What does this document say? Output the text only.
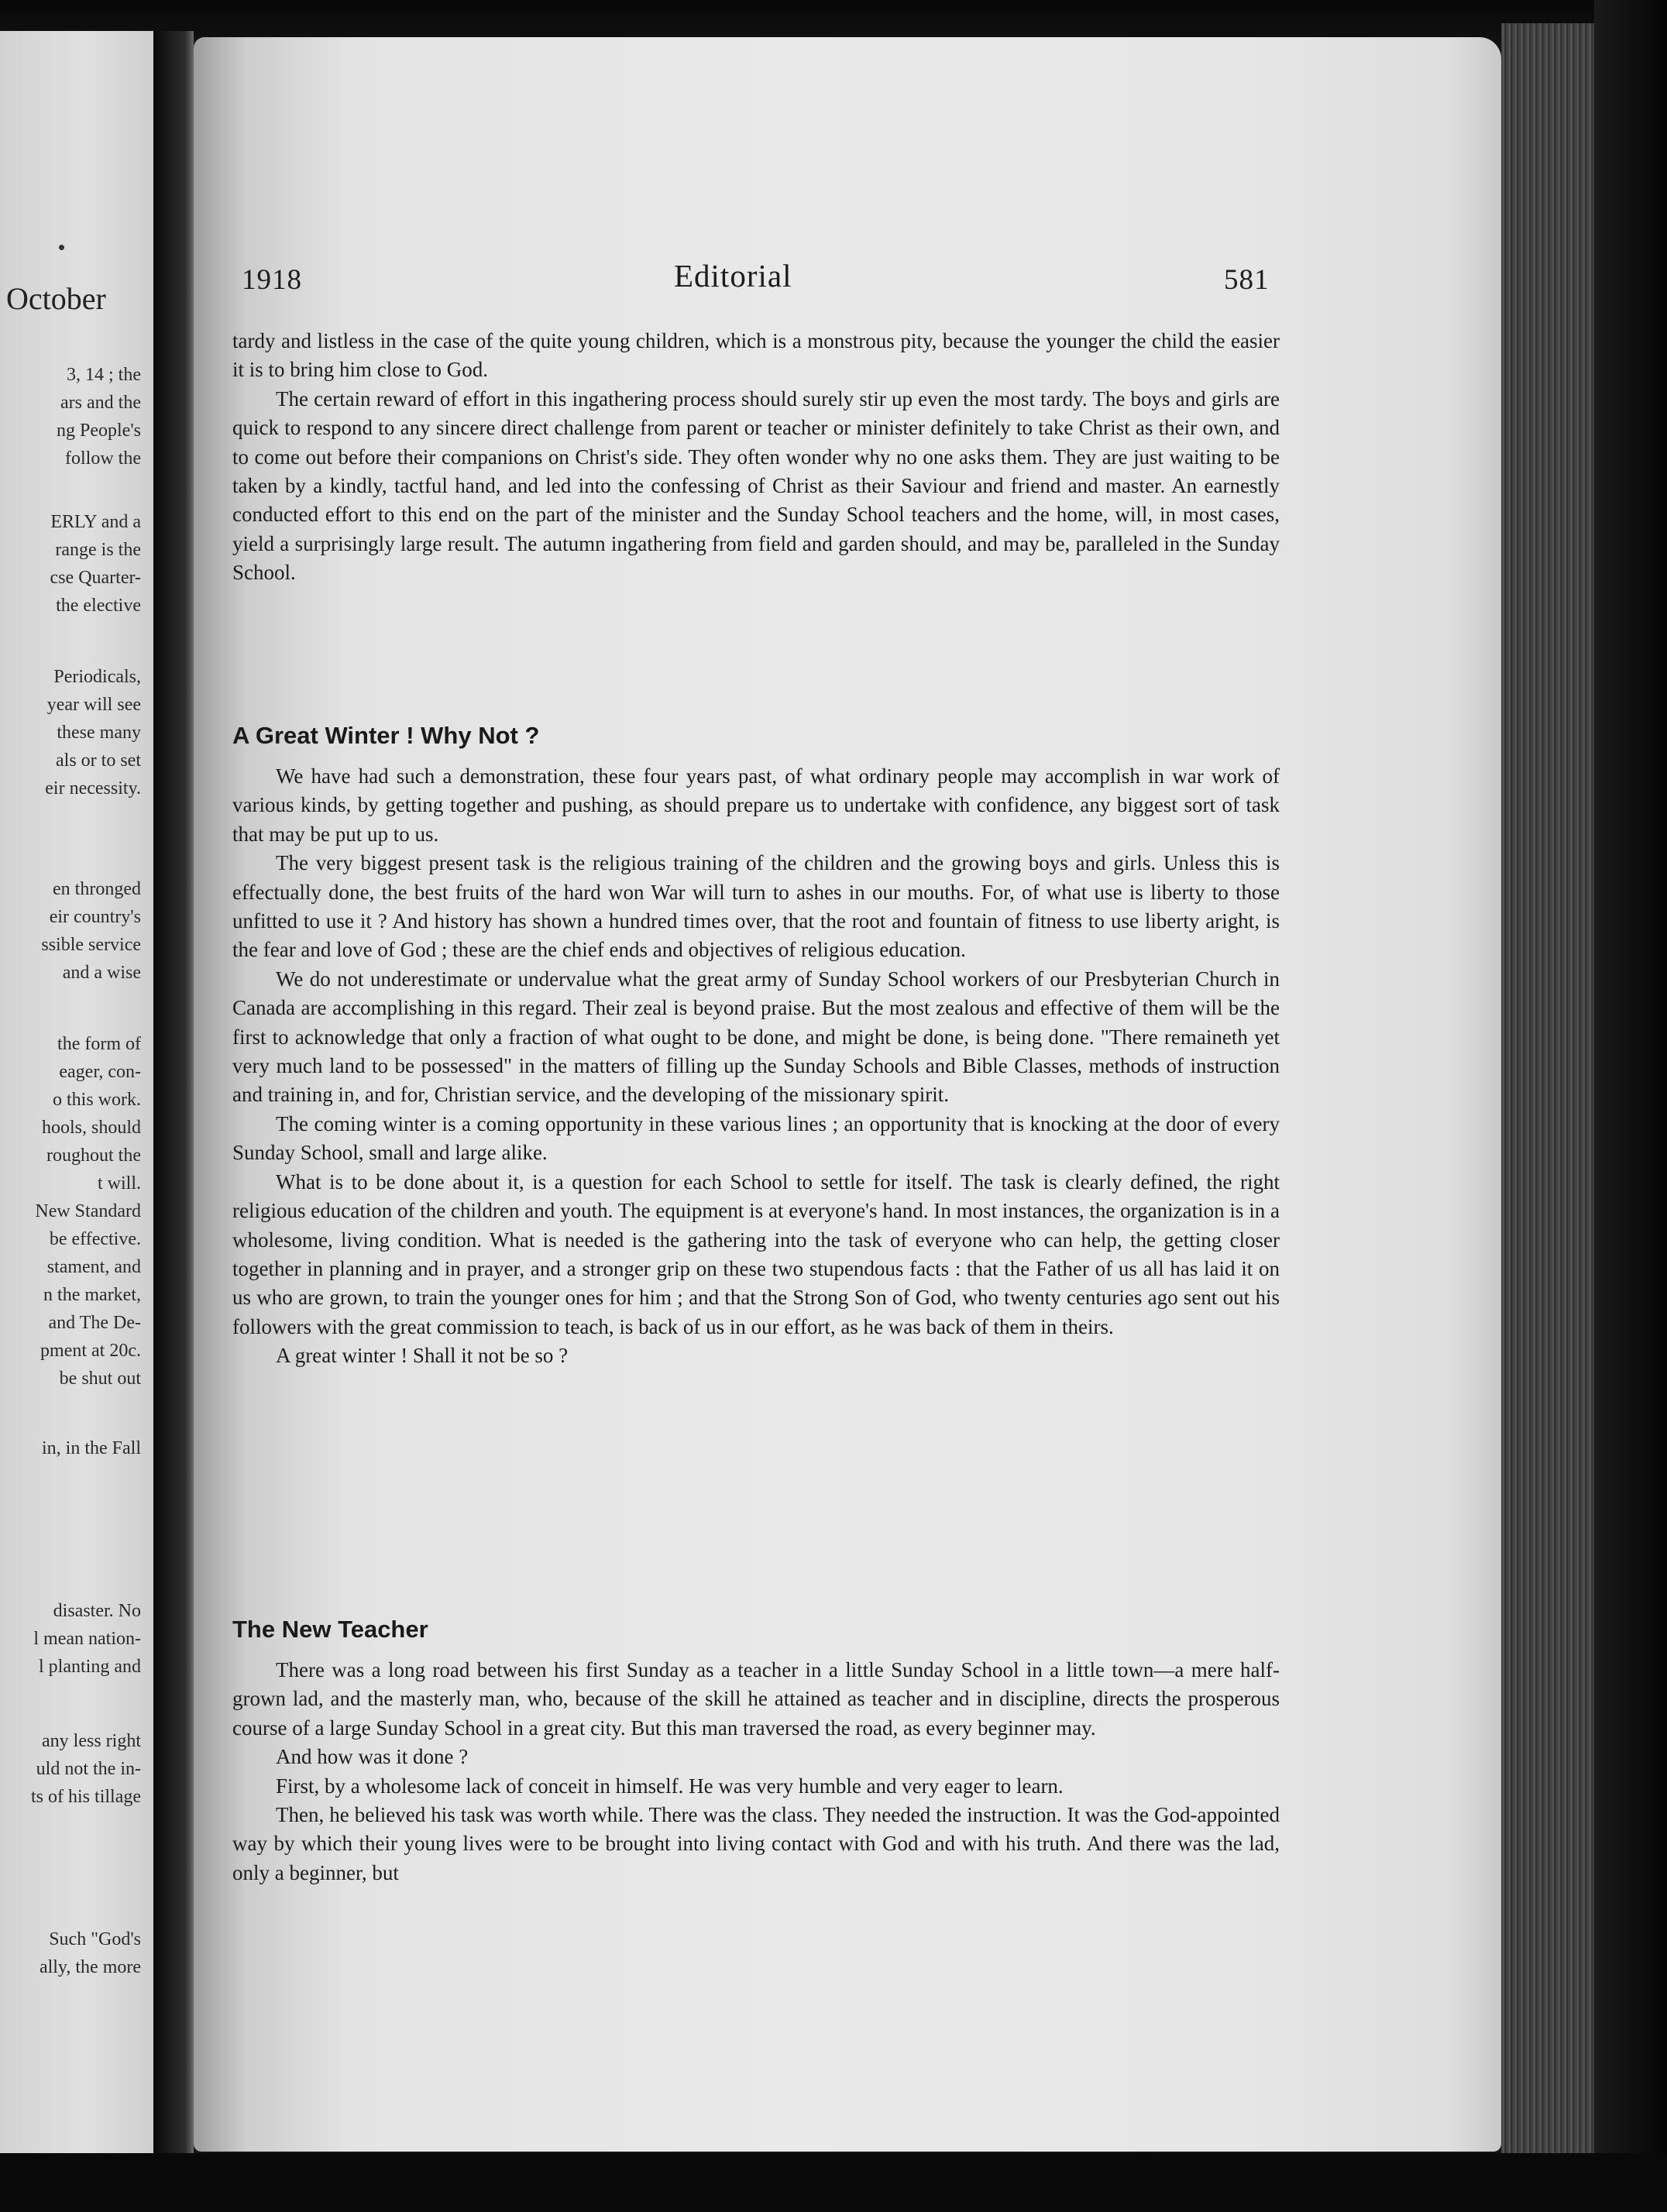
October
3, 14 ; the
ars and the
ng People's
follow the
ERLY and a
range is the
cse Quarter-
the elective
Periodicals,
year will see
these many
als or to set
eir necessity.
en thronged
eir country's
ssible service
and a wise
the form of
eager, con-
o this work.
hools, should
roughout the
t will.
New Standard
be effective.
stament, and
n the market,
and The De-
pment at 20c.
be shut out
in, in the Fall
disaster. No
l mean nation-
l planting and
any less right
uld not the in-
ts of his tillage
Such "God's
ally, the more
1918	Editorial	581

tardy and listless in the case of the quite young children, which is a monstrous pity, because the younger the child the easier it is to bring him close to God.

The certain reward of effort in this ingathering process should surely stir up even the most tardy. The boys and girls are quick to respond to any sincere direct challenge from parent or teacher or minister definitely to take Christ as their own, and to come out before their companions on Christ's side. They often wonder why no one asks them. They are just waiting to be taken by a kindly, tactful hand, and led into the confessing of Christ as their Saviour and friend and master. An earnestly conducted effort to this end on the part of the minister and the Sunday School teachers and the home, will, in most cases, yield a surprisingly large result. The autumn ingathering from field and garden should, and may be, paralleled in the Sunday School.

A Great Winter ! Why Not ?

We have had such a demonstration, these four years past, of what ordinary people may accomplish in war work of various kinds, by getting together and pushing, as should prepare us to undertake with confidence, any biggest sort of task that may be put up to us.

The very biggest present task is the religious training of the children and the growing boys and girls. Unless this is effectually done, the best fruits of the hard won War will turn to ashes in our mouths. For, of what use is liberty to those unfitted to use it ? And history has shown a hundred times over, that the root and fountain of fitness to use liberty aright, is the fear and love of God ; these are the chief ends and objectives of religious education.

We do not underestimate or undervalue what the great army of Sunday School workers of our Presbyterian Church in Canada are accomplishing in this regard. Their zeal is beyond praise. But the most zealous and effective of them will be the first to acknowledge that only a fraction of what ought to be done, and might be done, is being done. "There remaineth yet very much land to be possessed" in the matters of filling up the Sunday Schools and Bible Classes, methods of instruction and training in, and for, Christian service, and the developing of the missionary spirit.

The coming winter is a coming opportunity in these various lines ; an opportunity that is knocking at the door of every Sunday School, small and large alike.

What is to be done about it, is a question for each School to settle for itself. The task is clearly defined, the right religious education of the children and youth. The equipment is at everyone's hand. In most instances, the organization is in a wholesome, living condition. What is needed is the gathering into the task of everyone who can help, the getting closer together in planning and in prayer, and a stronger grip on these two stupendous facts : that the Father of us all has laid it on us who are grown, to train the younger ones for him ; and that the Strong Son of God, who twenty centuries ago sent out his followers with the great commission to teach, is back of us in our effort, as he was back of them in theirs.

A great winter ! Shall it not be so ?

The New Teacher

There was a long road between his first Sunday as a teacher in a little Sunday School in a little town—a mere half-grown lad, and the masterly man, who, because of the skill he attained as teacher and in discipline, directs the prosperous course of a large Sunday School in a great city. But this man traversed the road, as every beginner may.

And how was it done ?

First, by a wholesome lack of conceit in himself. He was very humble and very eager to learn.

Then, he believed his task was worth while. There was the class. They needed the instruction. It was the God-appointed way by which their young lives were to be brought into living contact with God and with his truth. And there was the lad, only a beginner, but
